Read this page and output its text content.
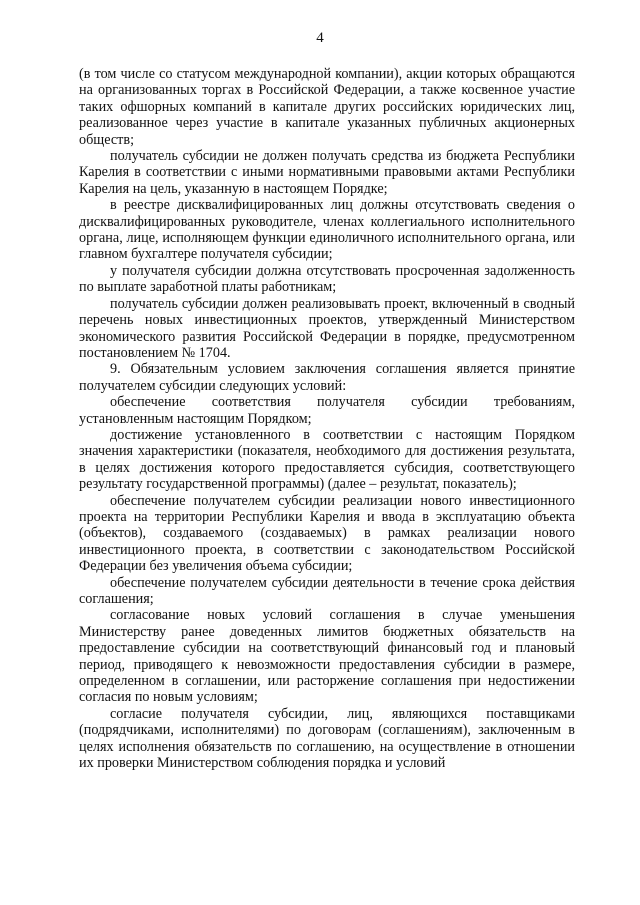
4

(в том числе со статусом международной компании), акции которых обращаются на организованных торгах в Российской Федерации, а также косвенное участие таких офшорных компаний в капитале других российских юридических лиц, реализованное через участие в капитале указанных публичных акционерных обществ;

получатель субсидии не должен получать средства из бюджета Республики Карелия в соответствии с иными нормативными правовыми актами Республики Карелия на цель, указанную в настоящем Порядке;

в реестре дисквалифицированных лиц должны отсутствовать сведения о дисквалифицированных руководителе, членах коллегиального исполнительного органа, лице, исполняющем функции единоличного исполнительного органа, или главном бухгалтере получателя субсидии;

у получателя субсидии должна отсутствовать просроченная задолженность по выплате заработной платы работникам;

получатель субсидии должен реализовывать проект, включенный в сводный перечень новых инвестиционных проектов, утвержденный Министерством экономического развития Российской Федерации в порядке, предусмотренном постановлением № 1704.

9. Обязательным условием заключения соглашения является принятие получателем субсидии следующих условий:

обеспечение соответствия получателя субсидии требованиям, установленным настоящим Порядком;

достижение установленного в соответствии с настоящим Порядком значения характеристики (показателя, необходимого для достижения результата, в целях достижения которого предоставляется субсидия, соответствующего результату государственной программы) (далее – результат, показатель);

обеспечение получателем субсидии реализации нового инвестиционного проекта на территории Республики Карелия и ввода в эксплуатацию объекта (объектов), создаваемого (создаваемых) в рамках реализации нового инвестиционного проекта, в соответствии с законодательством Российской Федерации без увеличения объема субсидии;

обеспечение получателем субсидии деятельности в течение срока действия соглашения;

согласование новых условий соглашения в случае уменьшения Министерству ранее доведенных лимитов бюджетных обязательств на предоставление субсидии на соответствующий финансовый год и плановый период, приводящего к невозможности предоставления субсидии в размере, определенном в соглашении, или расторжение соглашения при недостижении согласия по новым условиям;

согласие получателя субсидии, лиц, являющихся поставщиками (подрядчиками, исполнителями) по договорам (соглашениям), заключенным в целях исполнения обязательств по соглашению, на осуществление в отношении их проверки Министерством соблюдения порядка и условий
